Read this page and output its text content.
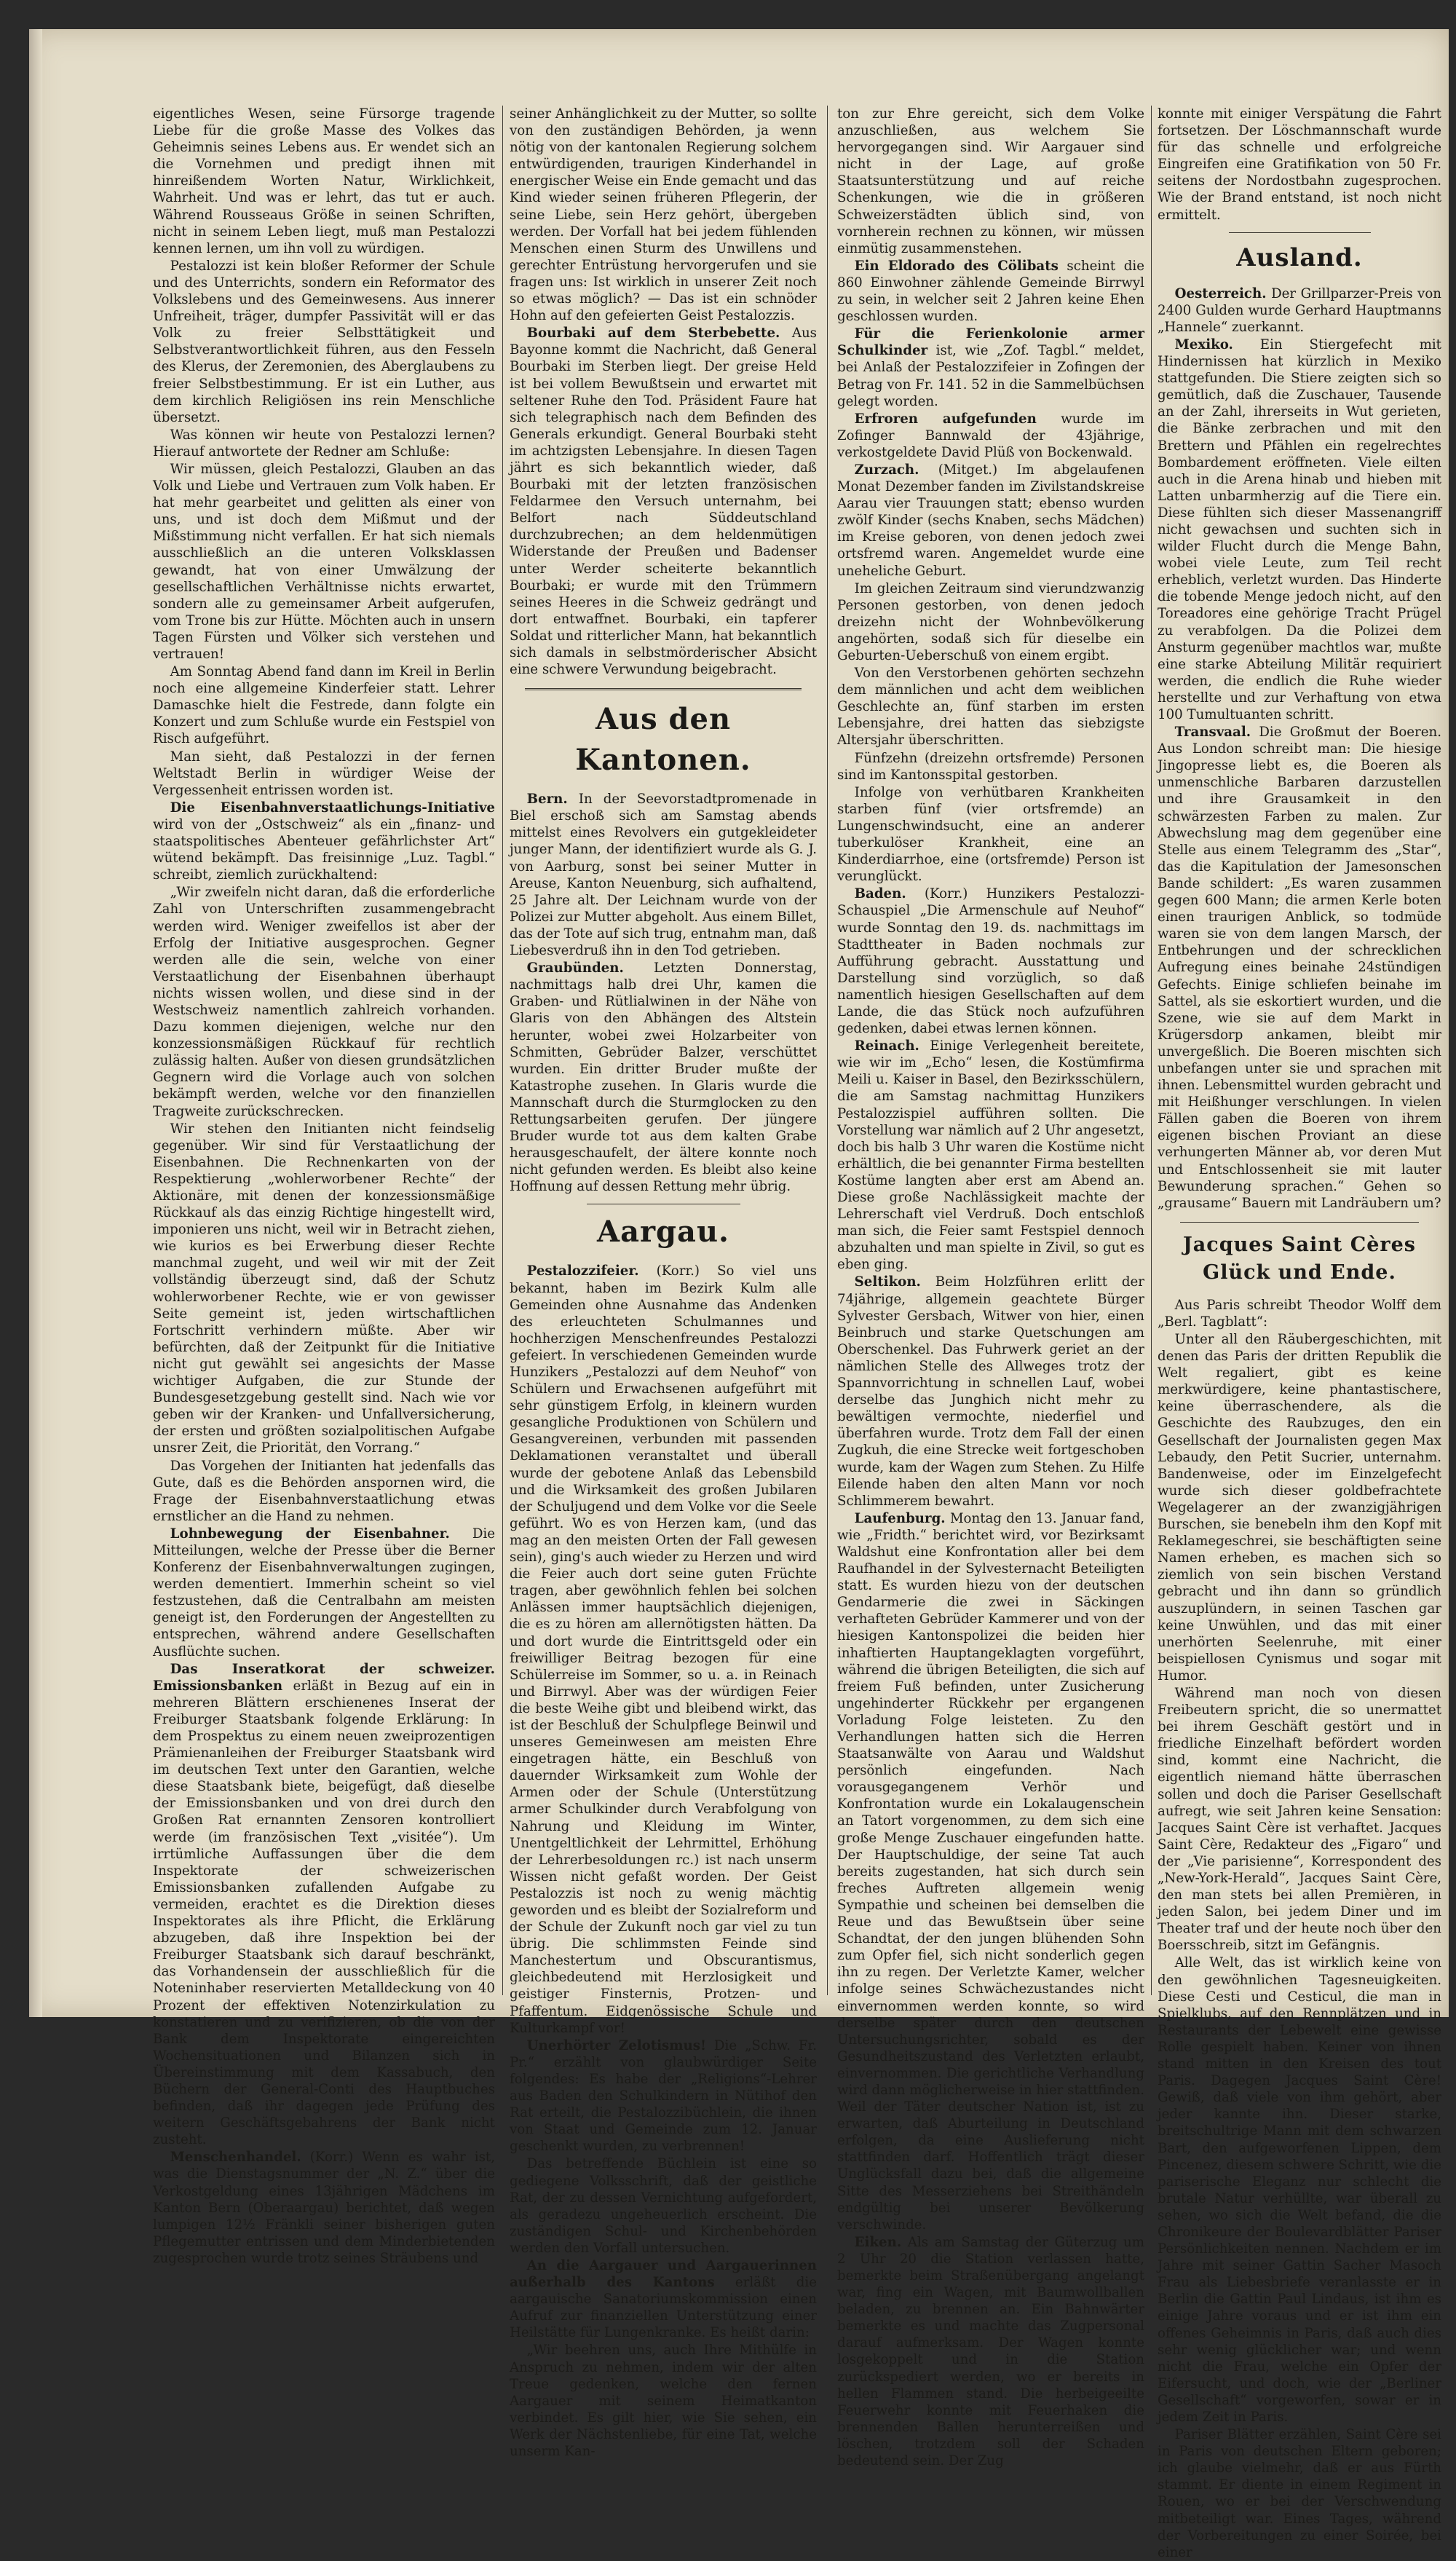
eigentliches Wesen, seine Fürsorge tragende Liebe für die große Masse des Volkes das Geheimnis seines Lebens aus. Er wendet sich an die Vornehmen und predigt ihnen mit hinreißendem Worten Natur, Wirklichkeit, Wahrheit. Und was er lehrt, das tut er auch. Während Rousseaus Größe in seinen Schriften, nicht in seinem Leben liegt, muß man Pestalozzi kennen lernen, um ihn voll zu würdigen.

Pestalozzi ist kein bloßer Reformer der Schule und des Unterrichts, sondern ein Reformator des Volkslebens und des Gemeinwesens. Aus innerer Unfreiheit, träger, dumpfer Passivität will er das Volk zu freier Selbsttätigkeit und Selbstverantwortlichkeit führen, aus den Fesseln des Klerus, der Zeremonien, des Aberglaubens zu freier Selbstbestimmung. Er ist ein Luther, aus dem kirchlich Religiösen ins rein Menschliche übersetzt.

Was können wir heute von Pestalozzi lernen? Hierauf antwortete der Redner am Schluße:

Wir müssen, gleich Pestalozzi, Glauben an das Volk und Liebe und Vertrauen zum Volk haben. Er hat mehr gearbeitet und gelitten als einer von uns, und ist doch dem Mißmut und der Mißstimmung nicht verfallen. Er hat sich niemals ausschließlich an die unteren Volksklassen gewandt, hat von einer Umwälzung der gesellschaftlichen Verhältnisse nichts erwartet, sondern alle zu gemeinsamer Arbeit aufgerufen, vom Trone bis zur Hütte. Möchten auch in unsern Tagen Fürsten und Völker sich verstehen und vertrauen!

Am Sonntag Abend fand dann im Kreil in Berlin noch eine allgemeine Kinderfeier statt. Lehrer Damaschke hielt die Festrede, dann folgte ein Konzert und zum Schluße wurde ein Festspiel von Risch aufgeführt.

Man sieht, daß Pestalozzi in der fernen Weltstadt Berlin in würdiger Weise der Vergessenheit entrissen worden ist.

Die Eisenbahnverstaatlichungs-Initiative wird von der „Ostschweiz“ als ein „finanz- und staatspolitisches Abenteuer gefährlichster Art“ wütend bekämpft. Das freisinnige „Luz. Tagbl.“ schreibt, ziemlich zurückhaltend:

„Wir zweifeln nicht daran, daß die erforderliche Zahl von Unterschriften zusammengebracht werden wird. Weniger zweifellos ist aber der Erfolg der Initiative ausgesprochen. Gegner werden alle die sein, welche von einer Verstaatlichung der Eisenbahnen überhaupt nichts wissen wollen, und diese sind in der Westschweiz namentlich zahlreich vorhanden. Dazu kommen diejenigen, welche nur den konzessionsmäßigen Rückkauf für rechtlich zulässig halten. Außer von diesen grundsätzlichen Gegnern wird die Vorlage auch von solchen bekämpft werden, welche vor den finanziellen Tragweite zurückschrecken.

Wir stehen den Initianten nicht feindselig gegenüber. Wir sind für Verstaatlichung der Eisenbahnen. Die Rechnenkarten von der Respektierung „wohlerworbener Rechte“ der Aktionäre, mit denen der konzessionsmäßige Rückkauf als das einzig Richtige hingestellt wird, imponieren uns nicht, weil wir in Betracht ziehen, wie kurios es bei Erwerbung dieser Rechte manchmal zugeht, und weil wir mit der Zeit vollständig überzeugt sind, daß der Schutz wohlerworbener Rechte, wie er von gewisser Seite gemeint ist, jeden wirtschaftlichen Fortschritt verhindern müßte. Aber wir befürchten, daß der Zeitpunkt für die Initiative nicht gut gewählt sei angesichts der Masse wichtiger Aufgaben, die zur Stunde der Bundesgesetzgebung gestellt sind. Nach wie vor geben wir der Kranken- und Unfallversicherung, der ersten und größten sozialpolitischen Aufgabe unsrer Zeit, die Priorität, den Vorrang.“

Das Vorgehen der Initianten hat jedenfalls das Gute, daß es die Behörden anspornen wird, die Frage der Eisenbahnverstaatlichung etwas ernstlicher an die Hand zu nehmen.

Lohnbewegung der Eisenbahner. Die Mitteilungen, welche der Presse über die Berner Konferenz der Eisenbahnverwaltungen zugingen, werden dementiert. Immerhin scheint so viel festzustehen, daß die Centralbahn am meisten geneigt ist, den Forderungen der Angestellten zu entsprechen, während andere Gesellschaften Ausflüchte suchen.

Das Inseratkorat der schweizer. Emissionsbanken erläßt in Bezug auf ein in mehreren Blättern erschienenes Inserat der Freiburger Staatsbank folgende Erklärung: In dem Prospektus zu einem neuen zweiprozentigen Prämienanleihen der Freiburger Staatsbank wird im deutschen Text unter den Garantien, welche diese Staatsbank biete, beigefügt, daß dieselbe der Emissionsbanken und von drei durch den Großen Rat ernannten Zensoren kontrolliert werde (im französischen Text „visitée“). Um irrtümliche Auffassungen über die dem Inspektorate der schweizerischen Emissionsbanken zufallenden Aufgabe zu vermeiden, erachtet es die Direktion dieses Inspektorates als ihre Pflicht, die Erklärung abzugeben, daß ihre Inspektion bei der Freiburger Staatsbank sich darauf beschränkt, das Vorhandensein der ausschließlich für die Noteninhaber reservierten Metalldeckung von 40 Prozent der effektiven Notenzirkulation zu konstatieren und zu verifizieren, ob die von der Bank dem Inspektorate eingereichten Wochensituationen und Bilanzen sich in Übereinstimmung mit dem Kassabuch, den Büchern der General-Conti des Hauptbuches befinden, daß ihr dagegen jede Prüfung des weitern Geschäftsgebahrens der Bank nicht zusteht.

Menschenhandel. (Korr.) Wenn es wahr ist, was die Dienstagsnummer der „N. Z.“ über die Verkostgeldung eines 13jährigen Mädchens im Kanton Bern (Oberaargau) berichtet, daß wegen lumpigen 12½ Fränkli seiner bisherigen guten Pflegemutter entrissen und dem Minderbietenden zugesprochen wurde trotz seines Sträubens und

seiner Anhänglichkeit zu der Mutter, so sollte von den zuständigen Behörden, ja wenn nötig von der kantonalen Regierung solchem entwürdigenden, traurigen Kinderhandel in energischer Weise ein Ende gemacht und das Kind wieder seinen früheren Pflegerin, der seine Liebe, sein Herz gehört, übergeben werden. Der Vorfall hat bei jedem fühlenden Menschen einen Sturm des Unwillens und gerechter Entrüstung hervorgerufen und sie fragen uns: Ist wirklich in unserer Zeit noch so etwas möglich? — Das ist ein schnöder Hohn auf den gefeierten Geist Pestalozzis.

Bourbaki auf dem Sterbebette. Aus Bayonne kommt die Nachricht, daß General Bourbaki im Sterben liegt. Der greise Held ist bei vollem Bewußtsein und erwartet mit seltener Ruhe den Tod. Präsident Faure hat sich telegraphisch nach dem Befinden des Generals erkundigt. General Bourbaki steht im achtzigsten Lebensjahre. In diesen Tagen jährt es sich bekanntlich wieder, daß Bourbaki mit der letzten französischen Feldarmee den Versuch unternahm, bei Belfort nach Süddeutschland durchzubrechen; an dem heldenmütigen Widerstande der Preußen und Badenser unter Werder scheiterte bekanntlich Bourbaki; er wurde mit den Trümmern seines Heeres in die Schweiz gedrängt und dort entwaffnet. Bourbaki, ein tapferer Soldat und ritterlicher Mann, hat bekanntlich sich damals in selbstmörderischer Absicht eine schwere Verwundung beigebracht.

Aus den Kantonen.

Bern. In der Seevorstadtpromenade in Biel erschoß sich am Samstag abends mittelst eines Revolvers ein gutgekleideter junger Mann, der identifiziert wurde als G. J. von Aarburg, sonst bei seiner Mutter in Areuse, Kanton Neuenburg, sich aufhaltend, 25 Jahre alt. Der Leichnam wurde von der Polizei zur Mutter abgeholt. Aus einem Billet, das der Tote auf sich trug, entnahm man, daß Liebesverdruß ihn in den Tod getrieben.

Graubünden. Letzten Donnerstag, nachmittags halb drei Uhr, kamen die Graben- und Rütlialwinen in der Nähe von Glaris von den Abhängen des Altstein herunter, wobei zwei Holzarbeiter von Schmitten, Gebrüder Balzer, verschüttet wurden. Ein dritter Bruder mußte der Katastrophe zusehen. In Glaris wurde die Mannschaft durch die Sturmglocken zu den Rettungsarbeiten gerufen. Der jüngere Bruder wurde tot aus dem kalten Grabe herausgeschaufelt, der ältere konnte noch nicht gefunden werden. Es bleibt also keine Hoffnung auf dessen Rettung mehr übrig.

Aargau.

Pestalozzifeier. (Korr.) So viel uns bekannt, haben im Bezirk Kulm alle Gemeinden ohne Ausnahme das Andenken des erleuchteten Schulmannes und hochherzigen Menschenfreundes Pestalozzi gefeiert. In verschiedenen Gemeinden wurde Hunzikers „Pestalozzi auf dem Neuhof“ von Schülern und Erwachsenen aufgeführt mit sehr günstigem Erfolg, in kleinern wurden gesangliche Produktionen von Schülern und Gesangvereinen, verbunden mit passenden Deklamationen veranstaltet und überall wurde der gebotene Anlaß das Lebensbild und die Wirksamkeit des großen Jubilaren der Schuljugend und dem Volke vor die Seele geführt. Wo es von Herzen kam, (und das mag an den meisten Orten der Fall gewesen sein), ging's auch wieder zu Herzen und wird die Feier auch dort seine guten Früchte tragen, aber gewöhnlich fehlen bei solchen Anlässen immer hauptsächlich diejenigen, die es zu hören am allernötigsten hätten. Da und dort wurde die Eintrittsgeld oder ein freiwilliger Beitrag bezogen für eine Schülerreise im Sommer, so u. a. in Reinach und Birrwyl. Aber was der würdigen Feier die beste Weihe gibt und bleibend wirkt, das ist der Beschluß der Schulpflege Beinwil und unseres Gemeinwesen am meisten Ehre eingetragen hätte, ein Beschluß von dauernder Wirksamkeit zum Wohle der Armen oder der Schule (Unterstützung armer Schulkinder durch Verabfolgung von Nahrung und Kleidung im Winter, Unentgeltlichkeit der Lehrmittel, Erhöhung der Lehrerbesoldungen rc.) ist nach unserm Wissen nicht gefaßt worden. Der Geist Pestalozzis ist noch zu wenig mächtig geworden und es bleibt der Sozialreform und der Schule der Zukunft noch gar viel zu tun übrig. Die schlimmsten Feinde sind Manchestertum und Obscurantismus, gleichbedeutend mit Herzlosigkeit und geistiger Finsternis, Protzen- und Pfaffentum. Eidgenössische Schule und Kulturkampf vor!

Unerhörter Zelotismus! Die „Schw. Fr. Pr.“ erzählt von glaubwürdiger Seite folgendes: Es habe der „Religions“-Lehrer aus Baden den Schulkindern in Nütihof den Rat erteilt, die Pestalozzibüchlein, die ihnen von Staat und Gemeinde zum 12. Januar geschenkt wurden, zu verbrennen!

Das betreffende Büchlein ist eine so gediegene Volksschrift, daß der geistliche Rat, der zu dessen Vernichtung aufgefordert, als geradezu ungeheuerlich erscheint. Die zuständigen Schul- und Kirchenbehörden werden den Vorfall untersuchen.

An die Aargauer und Aargauerinnen außerhalb des Kantons erläßt die aargauische Sanatoriumskommission einen Aufruf zur finanziellen Unterstützung einer Heilstätte für Lungenkranke. Es heißt darin:

„Wir beehren uns, auch Ihre Mithülfe in Anspruch zu nehmen, indem wir der alten Treue gedenken, welche den fernen Aargauer mit seinem Heimatkanton verbindet. Es gilt hier, wie Sie sehen, ein Werk der Nächstenliebe, für eine Tat, welche unserm Kan-

ton zur Ehre gereicht, sich dem Volke anzuschließen, aus welchem Sie hervorgegangen sind. Wir Aargauer sind nicht in der Lage, auf große Staatsunterstützung und auf reiche Schenkungen, wie die in größeren Schweizerstädten üblich sind, von vornherein rechnen zu können, wir müssen einmütig zusammenstehen.

Ein Eldorado des Cölibats scheint die 860 Einwohner zählende Gemeinde Birrwyl zu sein, in welcher seit 2 Jahren keine Ehen geschlossen wurden.

Für die Ferienkolonie armer Schulkinder ist, wie „Zof. Tagbl.“ meldet, bei Anlaß der Pestalozzifeier in Zofingen der Betrag von Fr. 141. 52 in die Sammelbüchsen gelegt worden.

Erfroren aufgefunden wurde im Zofinger Bannwald der 43jährige, verkostgeldete David Plüß von Bockenwald.

Zurzach. (Mitget.) Im abgelaufenen Monat Dezember fanden im Zivilstandskreise Aarau vier Trauungen statt; ebenso wurden zwölf Kinder (sechs Knaben, sechs Mädchen) im Kreise geboren, von denen jedoch zwei ortsfremd waren. Angemeldet wurde eine uneheliche Geburt.

Im gleichen Zeitraum sind vierundzwanzig Personen gestorben, von denen jedoch dreizehn nicht der Wohnbevölkerung angehörten, sodaß sich für dieselbe ein Geburten-Ueberschuß von einem ergibt.

Von den Verstorbenen gehörten sechzehn dem männlichen und acht dem weiblichen Geschlechte an, fünf starben im ersten Lebensjahre, drei hatten das siebzigste Altersjahr überschritten.

Fünfzehn (dreizehn ortsfremde) Personen sind im Kantonsspital gestorben.

Infolge von verhütbaren Krankheiten starben fünf (vier ortsfremde) an Lungenschwindsucht, eine an anderer tuberkulöser Krankheit, eine an Kinderdiarrhoe, eine (ortsfremde) Person ist verunglückt.

Baden. (Korr.) Hunzikers Pestalozzi-Schauspiel „Die Armenschule auf Neuhof“ wurde Sonntag den 19. ds. nachmittags im Stadttheater in Baden nochmals zur Aufführung gebracht. Ausstattung und Darstellung sind vorzüglich, so daß namentlich hiesigen Gesellschaften auf dem Lande, die das Stück noch aufzuführen gedenken, dabei etwas lernen können.

Reinach. Einige Verlegenheit bereitete, wie wir im „Echo“ lesen, die Kostümfirma Meili u. Kaiser in Basel, den Bezirksschülern, die am Samstag nachmittag Hunzikers Pestalozzispiel aufführen sollten. Die Vorstellung war nämlich auf 2 Uhr angesetzt, doch bis halb 3 Uhr waren die Kostüme nicht erhältlich, die bei genannter Firma bestellten Kostüme langten aber erst am Abend an. Diese große Nachlässigkeit machte der Lehrerschaft viel Verdruß. Doch entschloß man sich, die Feier samt Festspiel dennoch abzuhalten und man spielte in Zivil, so gut es eben ging.

Seltikon. Beim Holzführen erlitt der 74jährige, allgemein geachtete Bürger Sylvester Gersbach, Witwer von hier, einen Beinbruch und starke Quetschungen am Oberschenkel. Das Fuhrwerk geriet an der nämlichen Stelle des Allweges trotz der Spannvorrichtung in schnellen Lauf, wobei derselbe das Junghich nicht mehr zu bewältigen vermochte, niederfiel und überfahren wurde. Trotz dem Fall der einen Zugkuh, die eine Strecke weit fortgeschoben wurde, kam der Wagen zum Stehen. Zu Hilfe Eilende haben den alten Mann vor noch Schlimmerem bewahrt.

Laufenburg. Montag den 13. Januar fand, wie „Fridth.“ berichtet wird, vor Bezirksamt Waldshut eine Konfrontation aller bei dem Raufhandel in der Sylvesternacht Beteiligten statt. Es wurden hiezu von der deutschen Gendarmerie die zwei in Säckingen verhafteten Gebrüder Kammerer und von der hiesigen Kantonspolizei die beiden hier inhaftierten Hauptangeklagten vorgeführt, während die übrigen Beteiligten, die sich auf freiem Fuß befinden, unter Zusicherung ungehinderter Rückkehr per ergangenen Vorladung Folge leisteten. Zu den Verhandlungen hatten sich die Herren Staatsanwälte von Aarau und Waldshut persönlich eingefunden. Nach vorausgegangenem Verhör und Konfrontation wurde ein Lokalaugenschein an Tatort vorgenommen, zu dem sich eine große Menge Zuschauer eingefunden hatte. Der Hauptschuldige, der seine Tat auch bereits zugestanden, hat sich durch sein freches Auftreten allgemein wenig Sympathie und scheinen bei demselben die Reue und das Bewußtsein über seine Schandtat, der den jungen blühenden Sohn zum Opfer fiel, sich nicht sonderlich gegen ihn zu regen. Der Verletzte Kamer, welcher infolge seines Schwächezustandes nicht einvernommen werden konnte, so wird derselbe später durch den deutschen Untersuchungsrichter, sobald es der Gesundheitszustand des Verletzten erlaubt, einvernommen. Die gerichtliche Verhandlung wird dann möglicherweise in hier stattfinden. Weil der Täter deutscher Nation ist, ist zu erwarten, daß Aburteilung in Deutschland erfolgen, da eine Auslieferung nicht stattfinden darf. Hoffentlich trägt dieser Unglücksfall dazu bei, daß die allgemeine Sitte des Messerziehens bei Streithändeln endgültig bei unserer Bevölkerung verschwinde.

Eiken. Als am Samstag der Güterzug um 2 Uhr 20 die Station verlassen hatte, bemerkte beim Straßenübergang angelangt war, fing ein Wagen, mit Baumwollballen beladen, zu brennen an. Ein Bahnwärter bemerkte es und machte das Zugpersonal darauf aufmerksam. Der Wagen konnte losgekoppelt und in die Station zurückspediert werden, wo er bereits in hellen Flammen stand. Die herbeigeeilte Feuerwehr konnte mit Feuerhaken die brennenden Ballen herunterreißen und löschen, trotzdem soll der Schaden bedeutend sein. Der Zug

konnte mit einiger Verspätung die Fahrt fortsetzen. Der Löschmannschaft wurde für das schnelle und erfolgreiche Eingreifen eine Gratifikation von 50 Fr. seitens der Nordostbahn zugesprochen. Wie der Brand entstand, ist noch nicht ermittelt.

Ausland.

Oesterreich. Der Grillparzer-Preis von 2400 Gulden wurde Gerhard Hauptmanns „Hannele“ zuerkannt.

Mexiko. Ein Stiergefecht mit Hindernissen hat kürzlich in Mexiko stattgefunden. Die Stiere zeigten sich so gemütlich, daß die Zuschauer, Tausende an der Zahl, ihrerseits in Wut gerieten, die Bänke zerbrachen und mit den Brettern und Pfählen ein regelrechtes Bombardement eröffneten. Viele eilten auch in die Arena hinab und hieben mit Latten unbarmherzig auf die Tiere ein. Diese fühlten sich dieser Massenangriff nicht gewachsen und suchten sich in wilder Flucht durch die Menge Bahn, wobei viele Leute, zum Teil recht erheblich, verletzt wurden. Das Hinderte die tobende Menge jedoch nicht, auf den Toreadores eine gehörige Tracht Prügel zu verabfolgen. Da die Polizei dem Ansturm gegenüber machtlos war, mußte eine starke Abteilung Militär requiriert werden, die endlich die Ruhe wieder herstellte und zur Verhaftung von etwa 100 Tumultuanten schritt.

Transvaal. Die Großmut der Boeren. Aus London schreibt man: Die hiesige Jingopresse liebt es, die Boeren als unmenschliche Barbaren darzustellen und ihre Grausamkeit in den schwärzesten Farben zu malen. Zur Abwechslung mag dem gegenüber eine Stelle aus einem Telegramm des „Star“, das die Kapitulation der Jamesonschen Bande schildert: „Es waren zusammen gegen 600 Mann; die armen Kerle boten einen traurigen Anblick, so todmüde waren sie von dem langen Marsch, der Entbehrungen und der schrecklichen Aufregung eines beinahe 24stündigen Gefechts. Einige schliefen beinahe im Sattel, als sie eskortiert wurden, und die Szene, wie sie auf dem Markt in Krügersdorp ankamen, bleibt mir unvergeßlich. Die Boeren mischten sich unbefangen unter sie und sprachen mit ihnen. Lebensmittel wurden gebracht und mit Heißhunger verschlungen. In vielen Fällen gaben die Boeren von ihrem eigenen bischen Proviant an diese verhungerten Männer ab, vor deren Mut und Entschlossenheit sie mit lauter Bewunderung sprachen.“ Gehen so „grausame“ Bauern mit Landräubern um?

Jacques Saint Cères Glück und Ende.

Aus Paris schreibt Theodor Wolff dem „Berl. Tagblatt“:

Unter all den Räubergeschichten, mit denen das Paris der dritten Republik die Welt regaliert, gibt es keine merkwürdigere, keine phantastischere, keine überraschendere, als die Geschichte des Raubzuges, den ein Gesellschaft der Journalisten gegen Max Lebaudy, den Petit Sucrier, unternahm. Bandenweise, oder im Einzelgefecht wurde sich dieser goldbefrachtete Wegelagerer an der zwanzigjährigen Burschen, sie benebeln ihm den Kopf mit Reklamegeschrei, sie beschäftigten seine Namen erheben, es machen sich so ziemlich von sein bischen Verstand gebracht und ihn dann so gründlich auszuplündern, in seinen Taschen gar keine Unwühlen, und das mit einer unerhörten Seelenruhe, mit einer beispiellosen Cynismus und sogar mit Humor.

Während man noch von diesen Freibeutern spricht, die so unermattet bei ihrem Geschäft gestört und in friedliche Einzelhaft befördert worden sind, kommt eine Nachricht, die eigentlich niemand hätte überraschen sollen und doch die Pariser Gesellschaft aufregt, wie seit Jahren keine Sensation: Jacques Saint Cère ist verhaftet. Jacques Saint Cère, Redakteur des „Figaro“ und der „Vie parisienne“, Korrespondent des „New-York-Herald“, Jacques Saint Cère, den man stets bei allen Premièren, in jeden Salon, bei jedem Diner und im Theater traf und der heute noch über den Boersschreib, sitzt im Gefängnis.

Alle Welt, das ist wirklich keine von den gewöhnlichen Tagesneuigkeiten. Diese Cesti und Cesticul, die man in Spielklubs, auf den Rennplätzen und in Restaurants der Lebewelt eine gewisse Rolle gespielt haben. Keiner von ihnen stand mitten in den Kreisen des tout Paris. Dagegen Jacques Saint Cère! Gewiß, daß viele von ihm gehört, aber jeder kannte ihn. Dieser starke, breitschultrige Mann mit dem schwarzen Bart, den aufgeworfenen Lippen, dem Pincenez, diesem schwere Schritt, wie die pariserische Eleganz nur schlecht die brutale Natur verhüllte, war überall zu sehen, wo sich die Welt befand, die die Chronikeure der Boulevardblätter Pariser Persönlichkeiten nennen. Nachdem er im Jahre mit seiner Gattin Sacher Masoch Frau als Liebesbriefe veranlasste er in Berlin die Gattin Paul Lindaus, ist ihm es einige Jahre voraus und er ist ihm ein offenes Geheimnis in Paris, daß auch dies sehr wenig glücklicher war; und wenn nicht die Frau, welche ein Opfer der Eifersucht, und doch, wie der „Berliner Gesellschaft“ vorgeworfen, sowar er in jedem Zeit in Paris.

Pariser Blätter erzählen, Saint Cère sei in Paris von deutschen Eltern geboren; ich glaube vielmehr, daß er aus Fürth stammt. Er diente in einem Regiment in Rouen, wo er bei der Verschwendung mitbeteiligt war. Eines Tages, während der Vorbereitungen zu einer Soirée, bei einer
